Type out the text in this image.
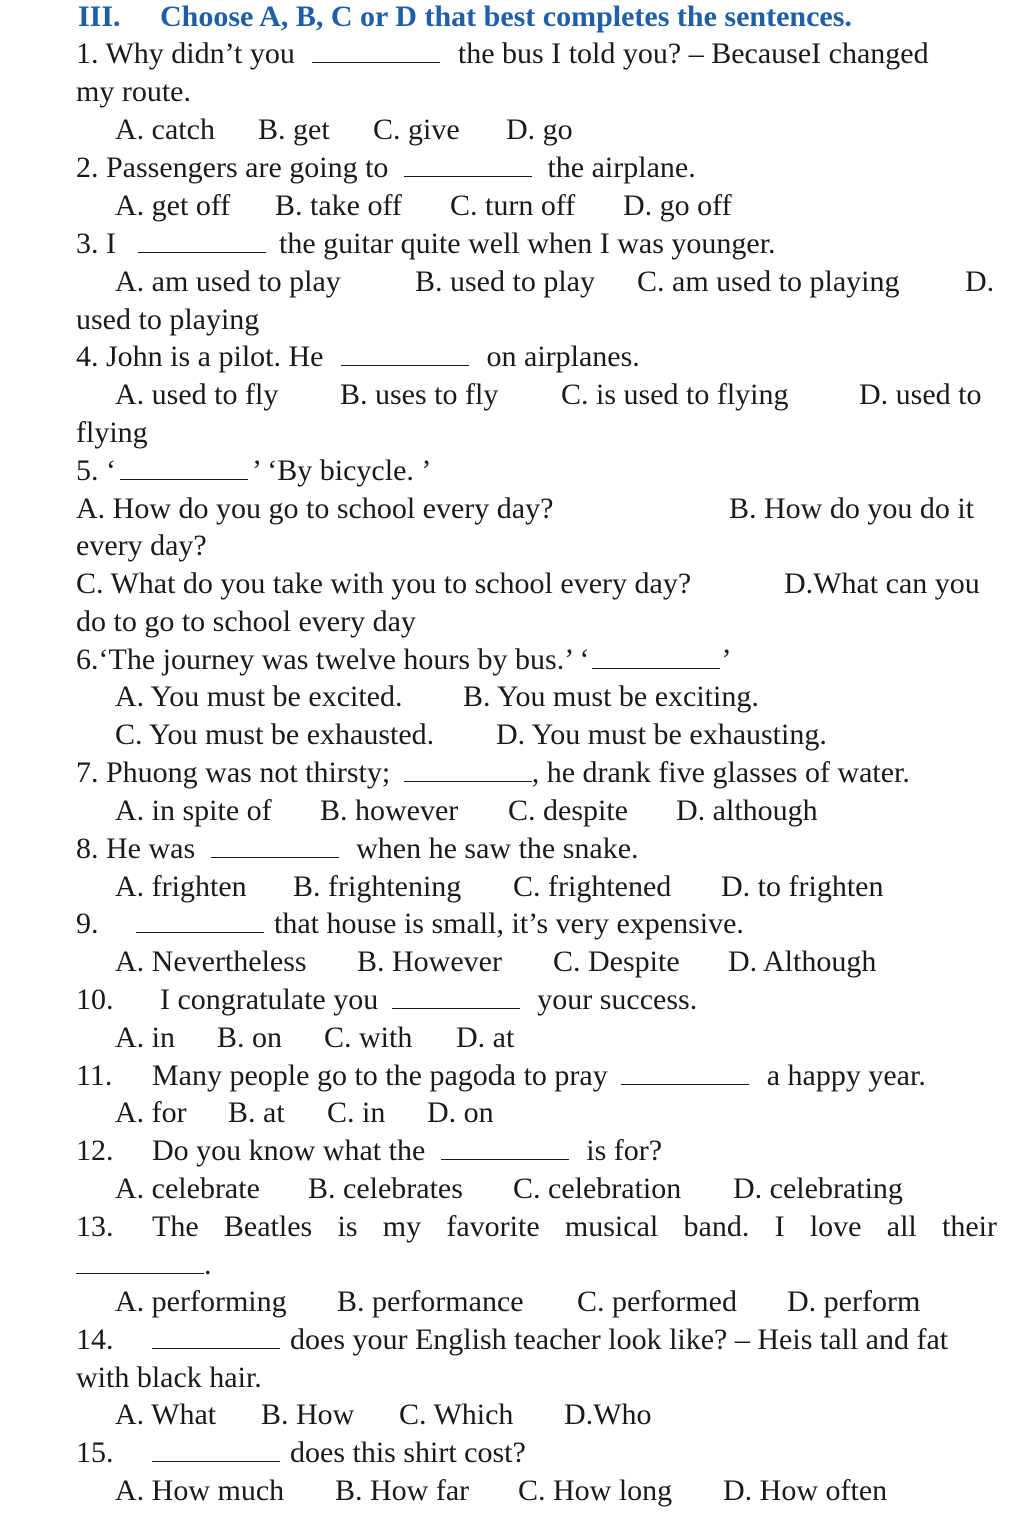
III. Choose A, B, C or D that best completes the sentences.
1. Why didn’t you	the bus I told you? – BecauseI changed
my route.
A. catch B. get C. give D. go
2. Passengers are going to	the airplane.
A. get off B. take off C. turn off D. go off
3. I	the guitar quite well when I was younger.
A. am used to play B. used to play C. am used to playing D.
used to playing
4. John is a pilot. He	on airplanes.
A. used to fly B. uses to fly C. is used to flying D. used to
flying
5. ‘	’ ‘By bicycle. ’
A. How do you go to school every day?	B. How do you do it
every day?
C. What do you take with you to school every day?	D.What can you
do to go to school every day
6.‘The journey was twelve hours by bus.’ ‘	’
A. You must be excited. B. You must be exciting.
C. You must be exhausted. D. You must be exhausting.
7. Phuong was not thirsty;	, he drank five glasses of water.
A. in spite of B. however C. despite D. although
8. He was	when he saw the snake.
A. frighten B. frightening C. frightened D. to frighten
9.	that house is small, it’s very expensive.
A. Nevertheless B. However C. Despite D. Although
10. I congratulate you	your success.
A. in B. on C. with D. at
11. Many people go to the pagoda to pray	a happy year.
A. for B. at C. in D. on
12. Do you know what the	is for?
A. celebrate B. celebrates C. celebration D. celebrating
13. The Beatles is my favorite musical band. I love all their
.
A. performing B. performance C. performed D. perform
14.	does your English teacher look like? – Heis tall and fat
with black hair.
A. What B. How C. Which D.Who
15.	does this shirt cost?
A. How much B. How far C. How long D. How often
